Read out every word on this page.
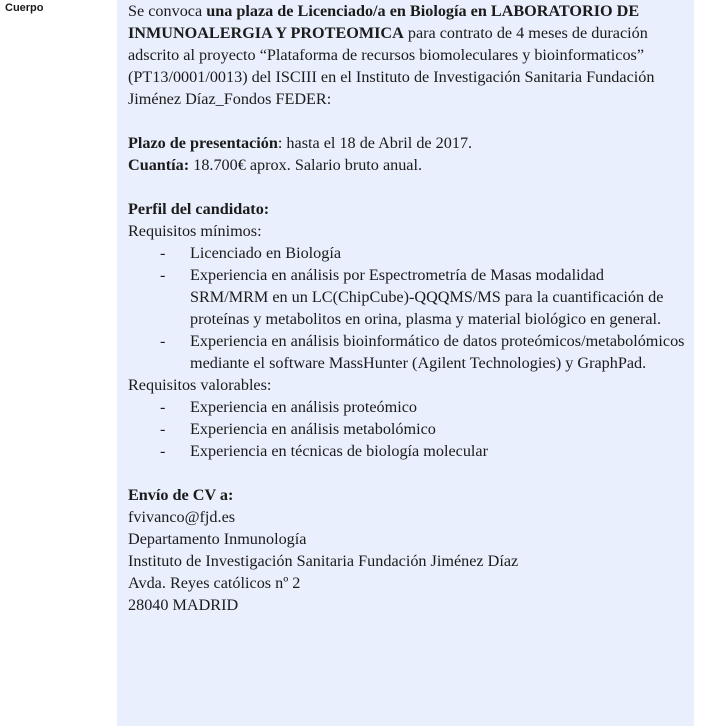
Cuerpo	Se convoca una plaza de Licenciado/a en Biología en LABORATORIO DE INMUNOALERGIA Y PROTEOMICA para contrato de 4 meses de duración adscrito al proyecto “Plataforma de recursos biomoleculares y bioinformaticos” (PT13/0001/0013) del ISCIII en el Instituto de Investigación Sanitaria Fundación Jiménez Díaz_Fondos FEDER:

Plazo de presentación: hasta el 18 de Abril de 2017.

Cuantía: 18.700€ aprox. Salario bruto anual.

Perfil del candidato:

Requisitos mínimos:

- Licenciado en Biología
- Experiencia en análisis por Espectrometría de Masas modalidad SRM/MRM en un LC(ChipCube)-QQQMS/MS para la cuantificación de proteínas y metabolitos en orina, plasma y material biológico en general.
- Experiencia en análisis bioinformático de datos proteómicos/metabolómicos mediante el software MassHunter (Agilent Technologies) y GraphPad.

Requisitos valorables:

- Experiencia en análisis proteómico
- Experiencia en análisis metabolómico
- Experiencia en técnicas de biología molecular

Envío de CV a:

fvivanco@fjd.es

Departamento Inmunología

Instituto de Investigación Sanitaria Fundación Jiménez Díaz

Avda. Reyes católicos nº 2

28040 MADRID
